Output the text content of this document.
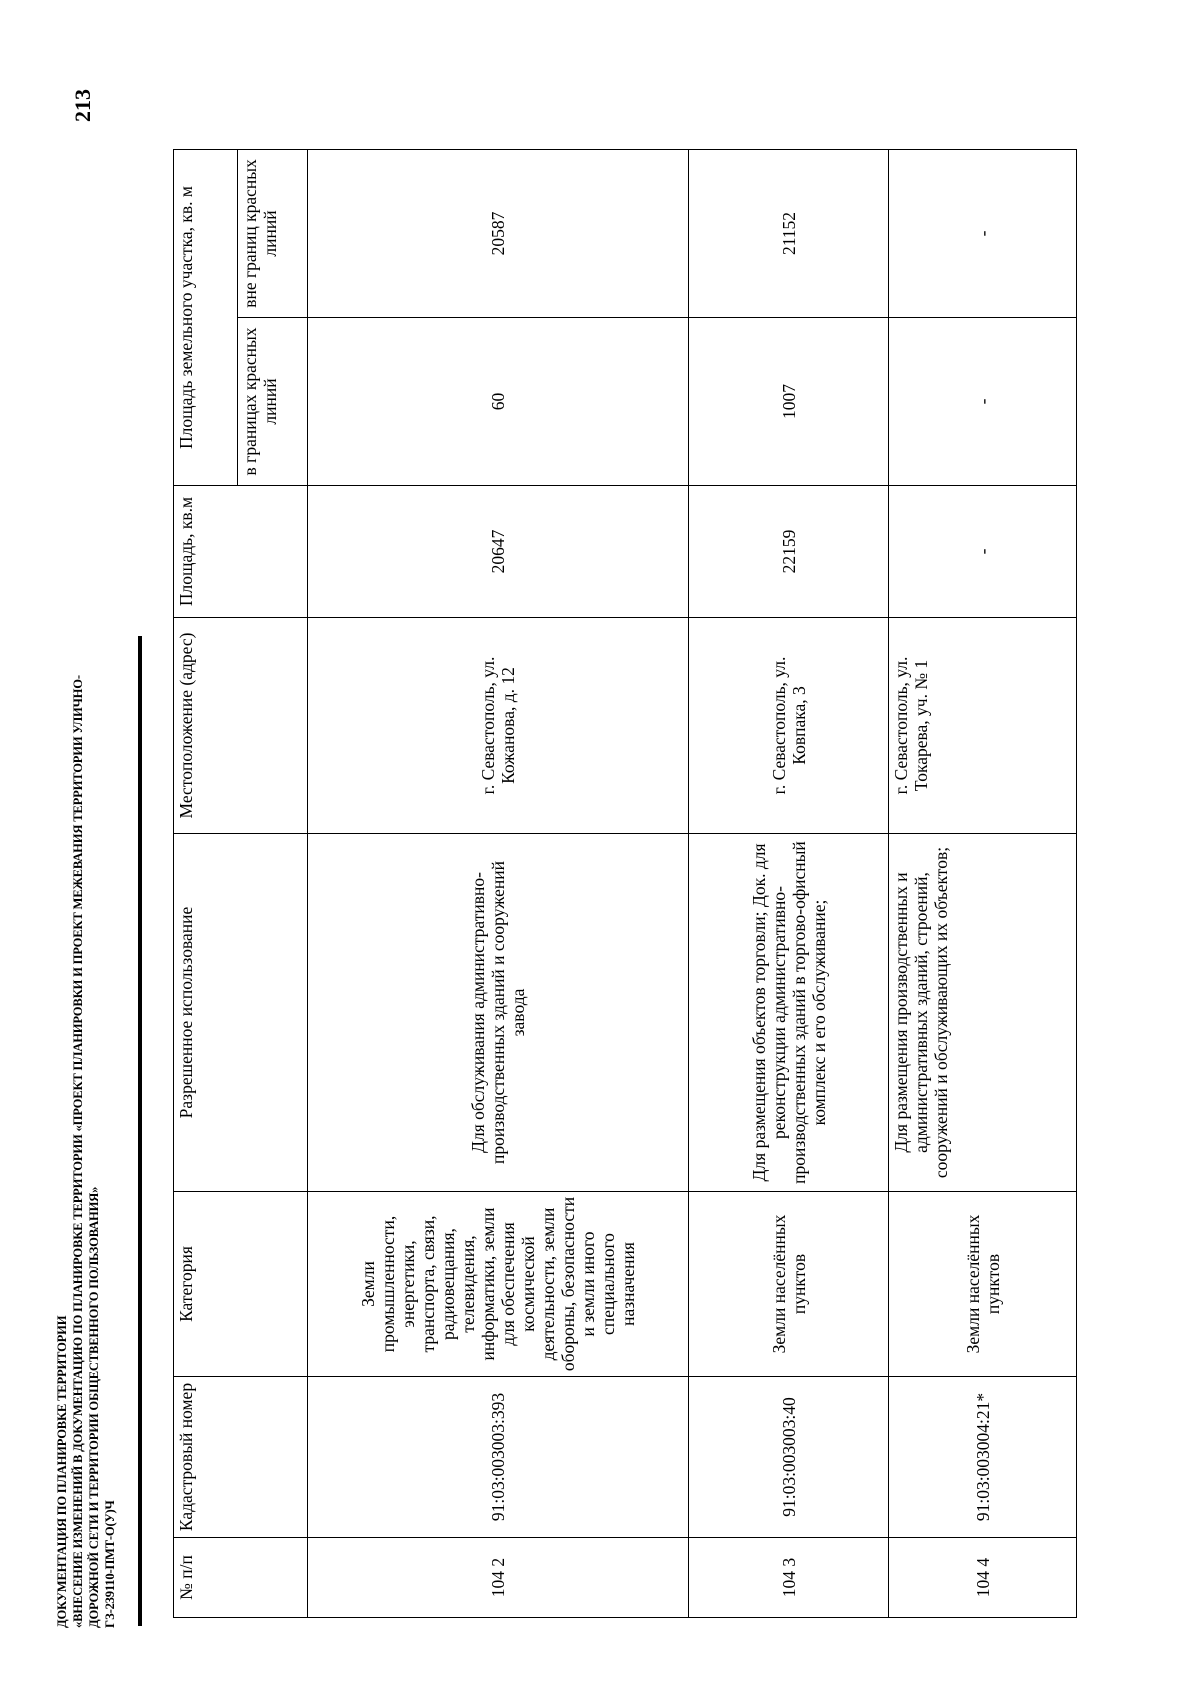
213
ДОКУМЕНТАЦИЯ ПО ПЛАНИРОВКЕ ТЕРРИТОРИИ «ВНЕСЕНИЕ ИЗМЕНЕНИЙ В ДОКУМЕНТАЦИЮ ПО ПЛАНИРОВКЕ ТЕРРИТОРИИ «ПРОЕКТ ПЛАНИРОВКИ И ПРОЕКТ МЕЖЕВАНИЯ ТЕРРИТОРИИ УЛИЧНО- ДОРОЖНОЙ СЕТИ И ТЕРРИТОРИИ ОБЩЕСТВЕННОГО ПОЛЬЗОВАНИЯ» ГЗ-239110-ПМТ-О(У)Ч	№ п/п	Кадастровый номер	Категория	Разрешенное использование	Местоположение (адрес)	Площадь, кв.м	Площадь земельного участка, кв. м	
						в границах красных линий	вне границ красных линий
104 2	91:03:003003:393	Земли промышленности, энергетики, транспорта, связи, радиовещания, телевидения, информатики, земли для обеспечения космической деятельности, земли обороны, безопасности и земли иного специального назначения	Для обслуживания административно-производственных зданий и сооружений завода	г. Севастополь, ул. Кожанова, д. 12	20647	60	20587
104 3	91:03:003003:40	Земли населённых пунктов	Для размещения объектов торговли; Док. для реконструкции административно-производственных зданий в торгово-офисный комплекс и его обслуживание;	г. Севастополь, ул. Ковпака, 3	22159	1007	21152
104 4	91:03:003004:21*	Земли населённых пунктов	Для размещения производственных и административных зданий, строений, сооружений и обслуживающих их объектов;	г. Севастополь, ул. Токарева, уч. № 1	-	-	-
